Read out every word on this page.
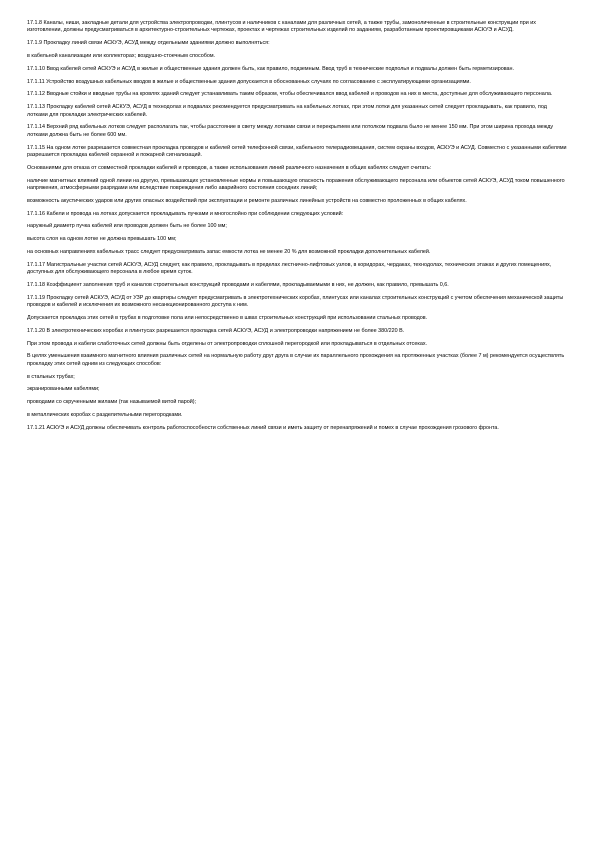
17.1.8 Каналы, ниши, закладные детали для устройства электропроводки, плинтусов и наличников с каналами для различных сетей, а также трубы, замоноличенные в строительные конструкции при их изготовлении, должны предусматриваться в архитектурно-строительных чертежах, проектах и чертежах строительных изделий по заданиям, разработанным проектировщиками АСКУЭ и АСУД.

17.1.9 Прокладку линий связи АСКУЭ, АСУД между отдельными зданиями должно выполняться:

в кабельной канализации или коллекторах; воздушно-стоечным способом.

17.1.10 Ввод кабелей сетей АСКУЭ и АСУД в жилые и общественные здания должен быть, как правило, подземным. Ввод труб в технические подполья и подвалы должен быть герметизирован.

17.1.11 Устройство воздушных кабельных вводов в жилые и общественные здания допускается в обоснованных случаях по согласованию с эксплуатирующими организациями.

17.1.12 Вводные стойки и вводные трубы на кровлях зданий следует устанавливать таким образом, чтобы обеспечивался ввод кабелей и проводов на них в места, доступные для обслуживающего персонала.

17.1.13 Прокладку кабелей сетей АСКУЭ, АСУД в технодолах и подвалах рекомендуется предусматривать на кабельных лотках, при этом лотки для указанных сетей следует прокладывать, как правило, под лотками для прокладки электрических кабелей.

17.1.14 Верхний ряд кабельных лотков следует располагать так, чтобы расстояние в свету между лотками связи и перекрытием или потолком подвала было не менее 150 мм. При этом ширина прохода между лотками должна быть не более 600 мм.

17.1.15 На одном лотке разрешается совместная прокладка проводов и кабелей сетей телефонной связи, кабельного телерадиовещания, систем охраны входов, АСКУЭ и АСУД. Совместно с указанными кабелями разрешается прокладка кабелей охранной и пожарной сигнализаций.

Основаниями для отказа от совместной прокладки кабелей и проводов, а также использования линий различного назначения в общих кабелях следует считать:

наличие магнитных влияний одной линии на другую, превышающих установленные нормы и повышающую опасность поражения обслуживающего персонала или объектов сетей АСКУЭ, АСУД током повышенного напряжения, атмосферными разрядами или вследствие повреждения либо аварийного состояния соседних линий;

возможность акустических ударов или других опасных воздействий при эксплуатации и ремонте различных линейных устройств на совместно проложенных в общих кабелях.

17.1.16 Кабели и провода на лотках допускается прокладывать пучками и многослойно при соблюдении следующих условий:

наружный диаметр пучка кабелей или проводов должен быть не более 100 мм;

высота слоя на одном лотке не должна превышать 100 мм;

на основных направлениях кабельных трасс следует предусматривать запас емкости лотка не менее 20 % для возможной прокладки дополнительных кабелей.

17.1.17 Магистральные участки сетей АСКУЭ, АСУД следует, как правило, прокладывать в пределах лестнично-лифтовых узлов, в коридорах, чердаках, технодолах, технических этажах и других помещениях, доступных для обслуживающего персонала в любое время суток.

17.1.18 Коэффициент заполнения труб и каналов строительных конструкций проводами и кабелями, прокладываемыми в них, не должен, как правило, превышать 0,6.

17.1.19 Прокладку сетей АСКУЭ, АСУД от УЗР до квартиры следует предусматривать в электротехнических коробах, плинтусах или каналах строительных конструкций с учетом обеспечения механической защиты проводов и кабелей и исключения их возможного несанкционированного доступа к ним.

Допускается прокладка этих сетей в трубах в подготовке пола или непосредственно в швах строительных конструкций при использовании стальных проводов.

17.1.20 В электротехнических коробах и плинтусах разрешается прокладка сетей АСКУЭ, АСУД и электропроводки напряжением не более 380/220 В.

При этом провода и кабели слаботочных сетей должны быть отделены от электропроводки сплошной перегородкой или прокладываться в отдельных отсеках.

В целях уменьшения взаимного магнитного влияния различных сетей на нормальную работу друг друга в случае их параллельного прохождения на протяженных участках (более 7 м) рекомендуется осуществлять прокладку этих сетей одним из следующих способов:

в стальных трубах;

экранированными кабелями;

проводами со скрученными жилами (так называемой витой парой);

в металлических коробах с разделительными перегородками.

17.1.21 АСКУЭ и АСУД должны обеспечивать контроль работоспособности собственных линий связи и иметь защиту от перенапряжений и помех в случае прохождения грозового фронта.
